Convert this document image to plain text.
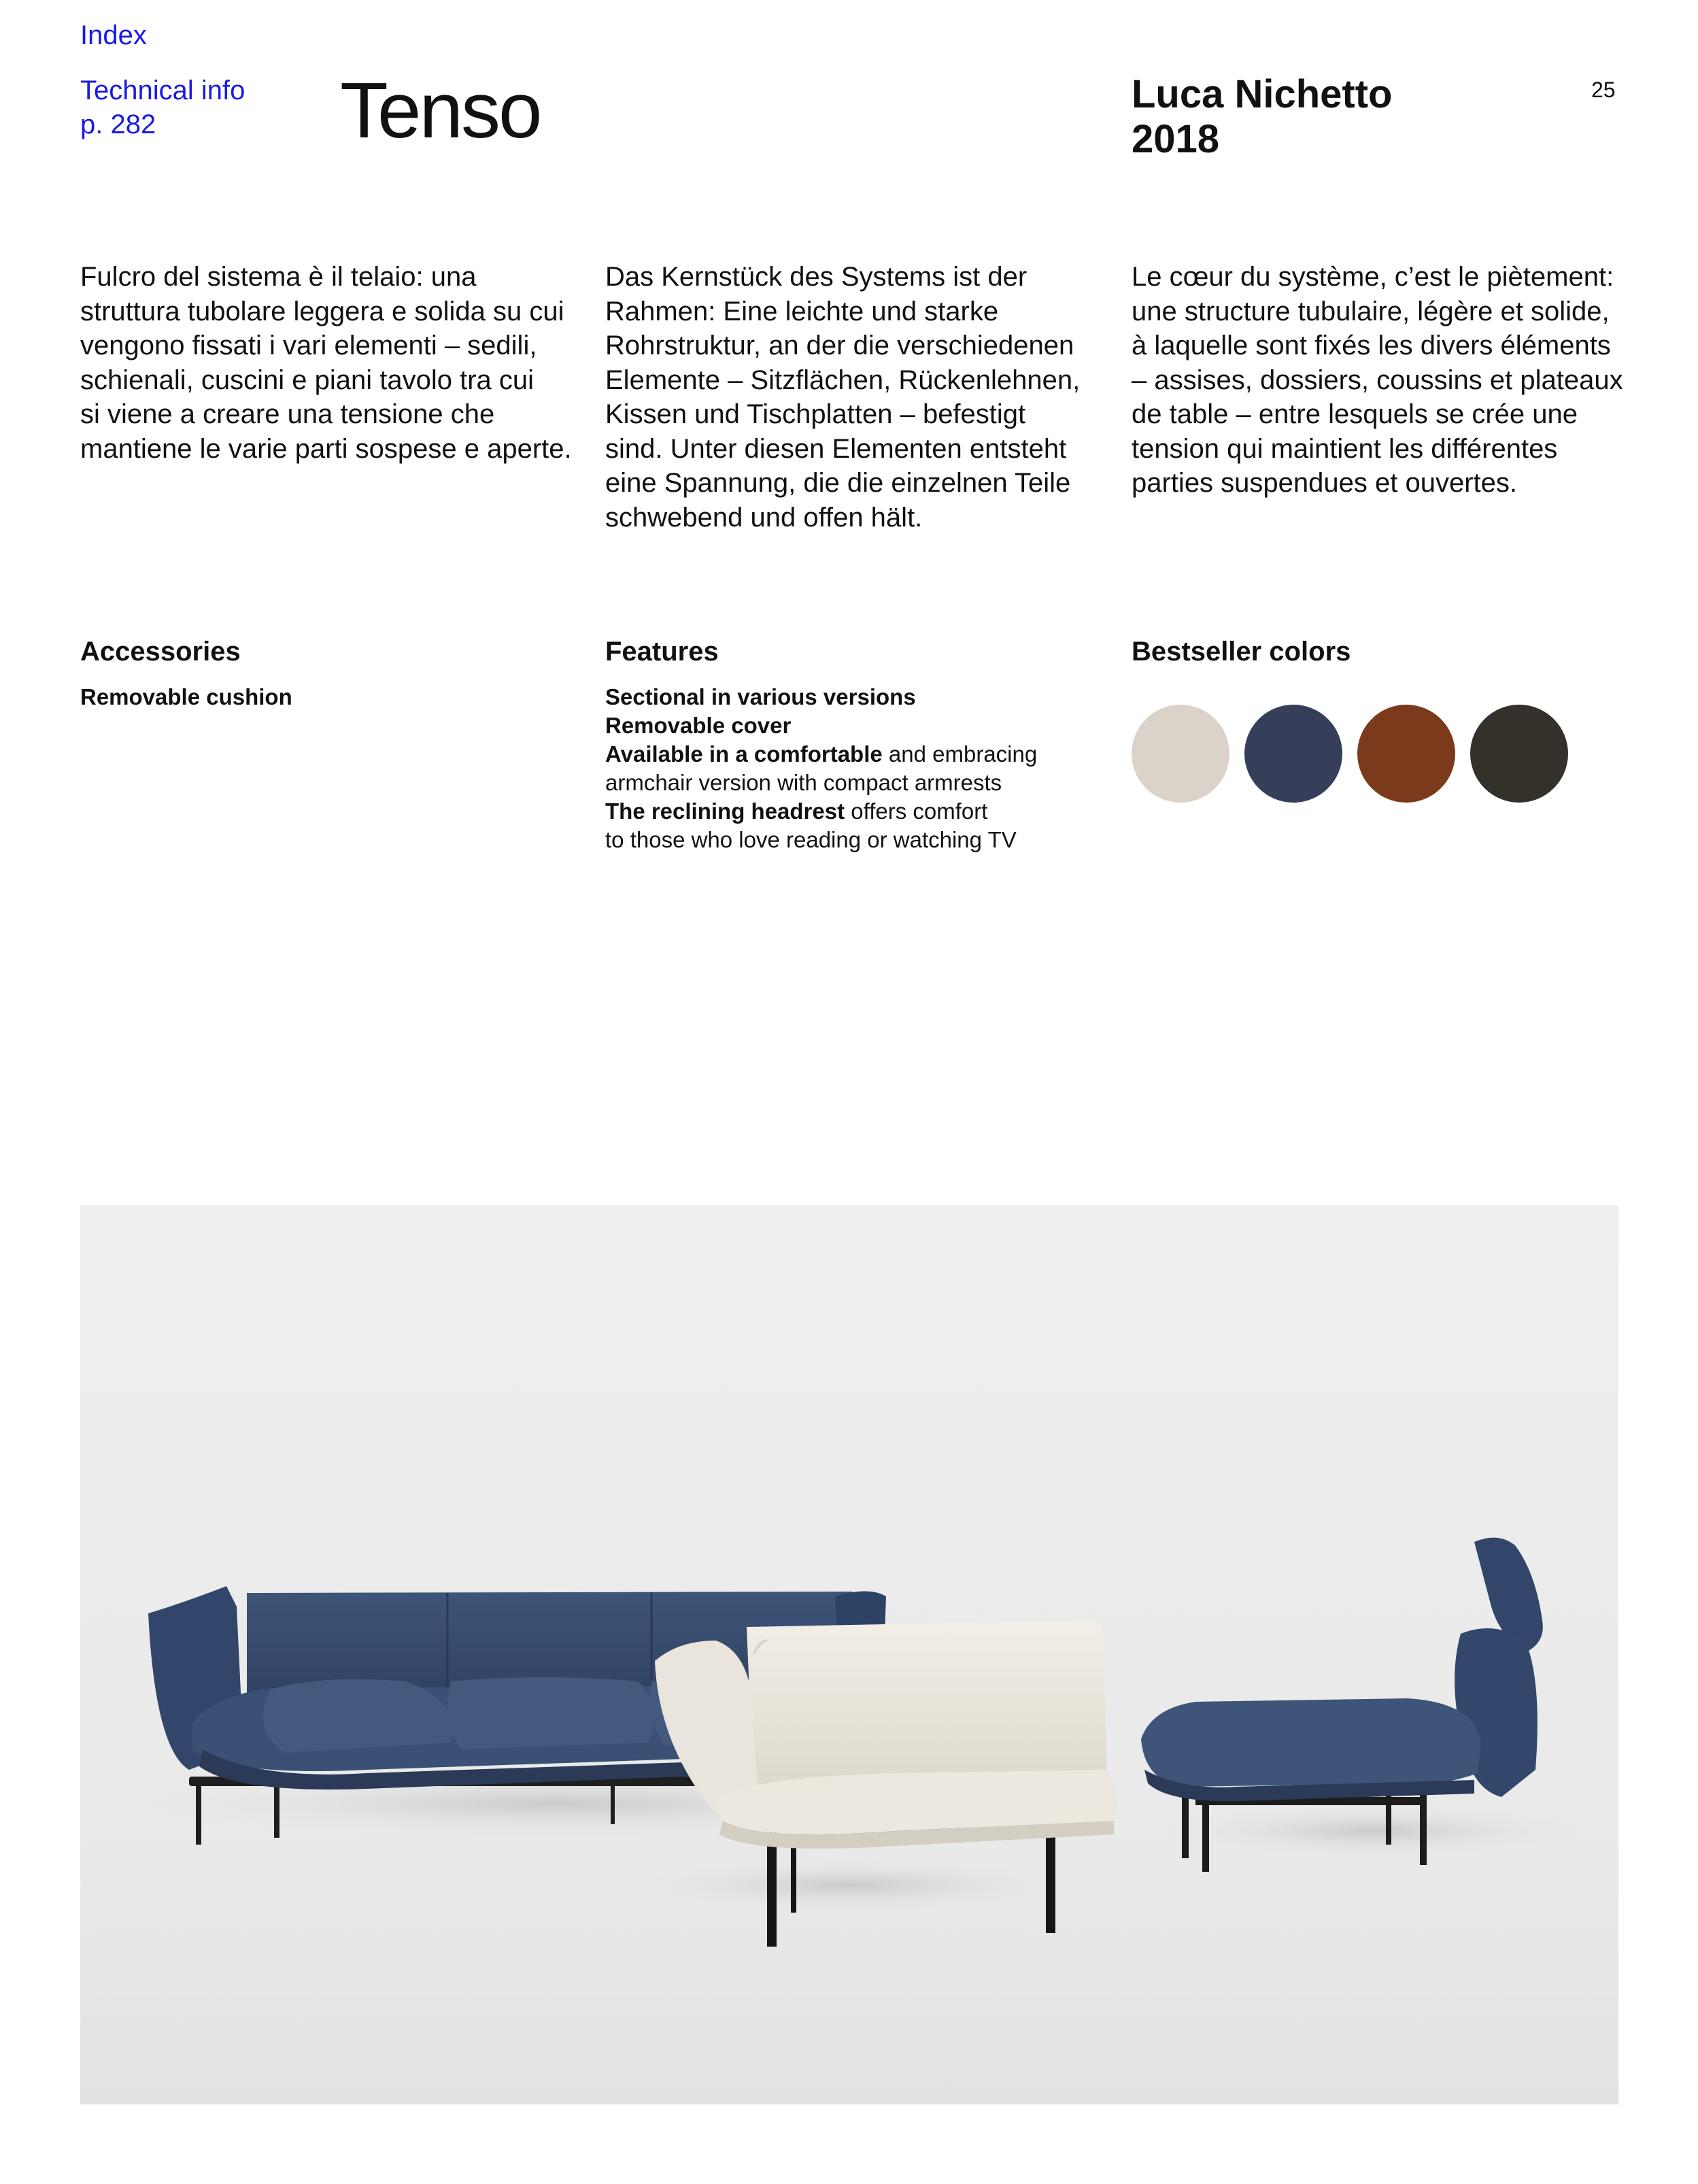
Index
Technical info
p. 282	Tenso	Luca Nichetto
2018
25
Fulcro del sistema è il telaio: una
struttura tubolare leggera e solida su cui
vengono fissati i vari elementi – sedili,
schienali, cuscini e piani tavolo tra cui
si viene a creare una tensione che
mantiene le varie parti sospese e aperte.
Das Kernstück des Systems ist der
Rahmen: Eine leichte und starke
Rohrstruktur, an der die verschiedenen
Elemente – Sitzflächen, Rückenlehnen,
Kissen und Tischplatten – befestigt
sind. Unter diesen Elementen entsteht
eine Spannung, die die einzelnen Teile
schwebend und offen hält.
Le cœur du système, c’est le piètement:
une structure tubulaire, légère et solide,
à laquelle sont fixés les divers éléments
– assises, dossiers, coussins et plateaux
de table – entre lesquels se crée une
tension qui maintient les différentes
parties suspendues et ouvertes.
Accessories
Removable cushion
Features
Sectional in various versions
Removable cover
Available in a comfortable and embracing
armchair version with compact armrests
The reclining headrest offers comfort
to those who love reading or watching TV
Bestseller colors
